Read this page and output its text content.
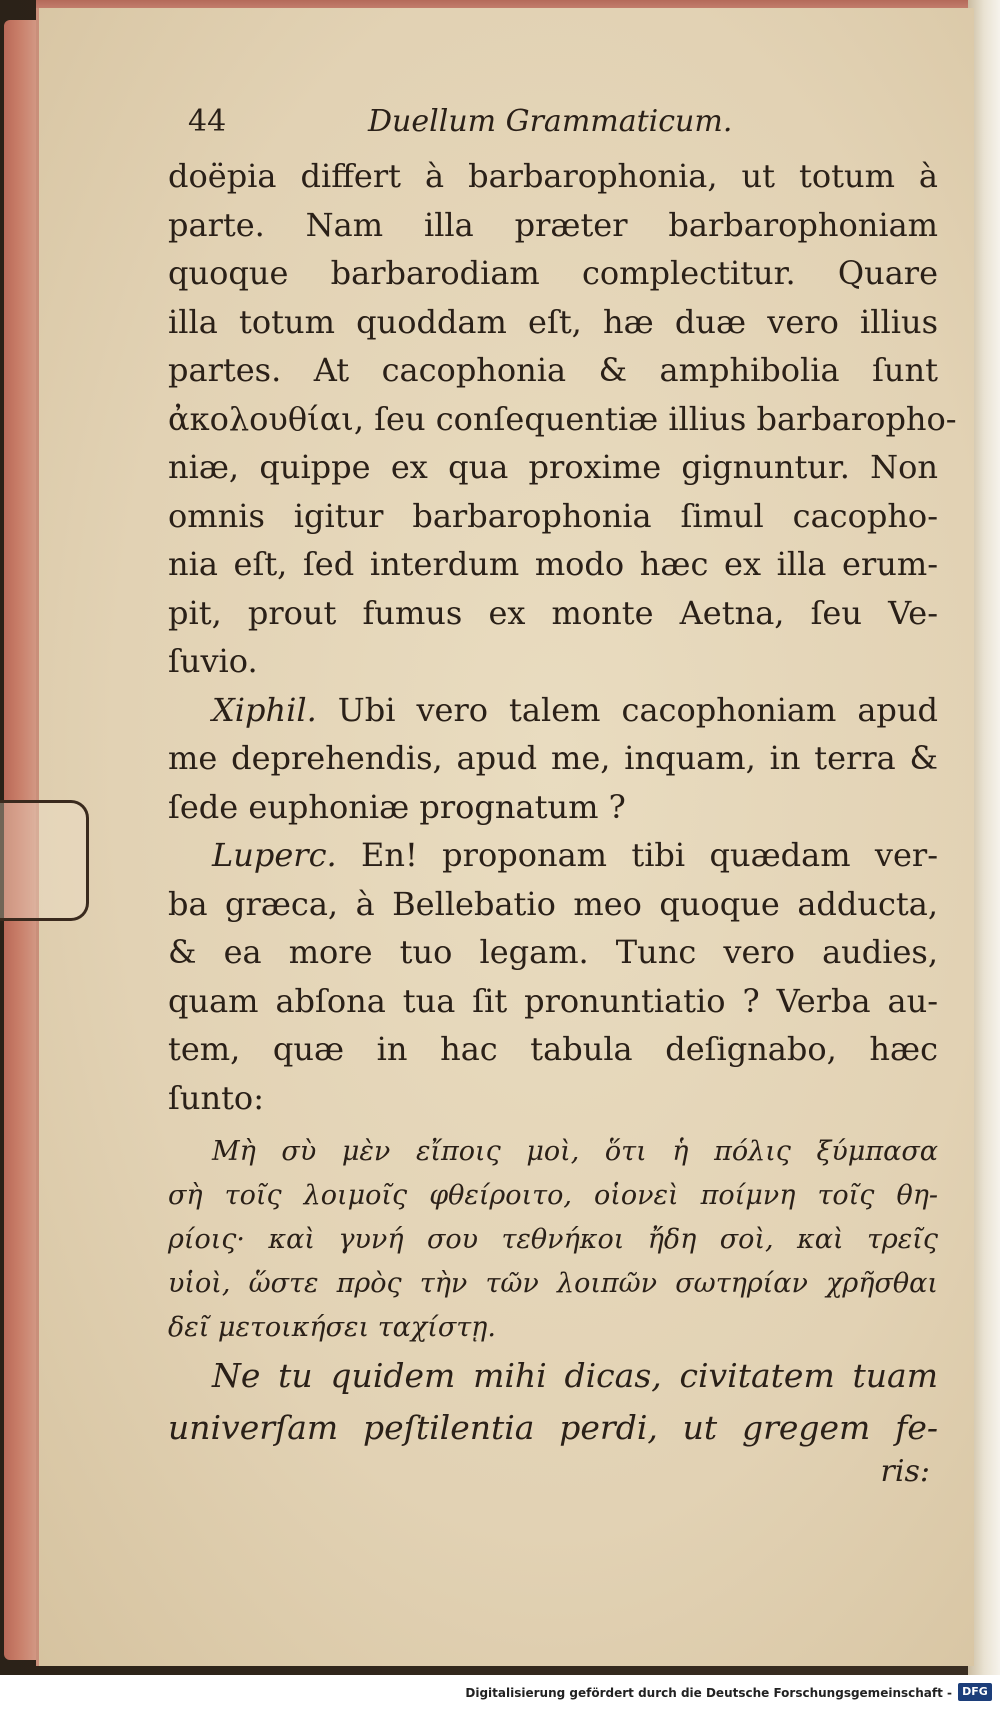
44	Duellum Grammaticum.
doëpia differt à barbarophonia, ut totum à
parte. Nam illa præter barbarophoniam
quoque barbarodiam complectitur. Quare
illa totum quoddam eſt, hæ duæ vero illius
partes. At cacophonia & amphibolia ſunt
ἀκολουθίαι, ſeu conſequentiæ illius barbaropho-
niæ, quippe ex qua proxime gignuntur. Non
omnis igitur barbarophonia ſimul cacopho-
nia eſt, ſed interdum modo hæc ex illa erum-
pit, prout fumus ex monte Aetna, ſeu Ve-
ſuvio.
Xiphil. Ubi vero talem cacophoniam apud
me deprehendis, apud me, inquam, in terra &
ſede euphoniæ prognatum ?
Luperc. En! proponam tibi quædam ver-
ba græca, à Bellebatio meo quoque adducta,
& ea more tuo legam. Tunc vero audies,
quam abſona tua ſit pronuntiatio ? Verba au-
tem, quæ in hac tabula deſignabo, hæc
ſunto:
Μὴ σὺ μὲν εἴποις μοὶ, ὅτι ἡ πόλις ξύμπασα
σὴ τοῖς λοιμοῖς φθείροιτο, οἱονεὶ ποίμνη τοῖς θη-
ρίοις· καὶ γυνή σου τεθνήκοι ἤδη σοὶ, καὶ τρεῖς
υἱοὶ, ὥστε πρὸς τὴν τῶν λοιπῶν σωτηρίαν χρῆσθαι
δεῖ μετοικήσει ταχίστῃ.
Ne tu quidem mihi dicas, civitatem tuam
univerſam peſtilentia perdi, ut gregem fe-
ris:
Digitalisierung gefördert durch die Deutsche Forschungsgemeinschaft - DFG
